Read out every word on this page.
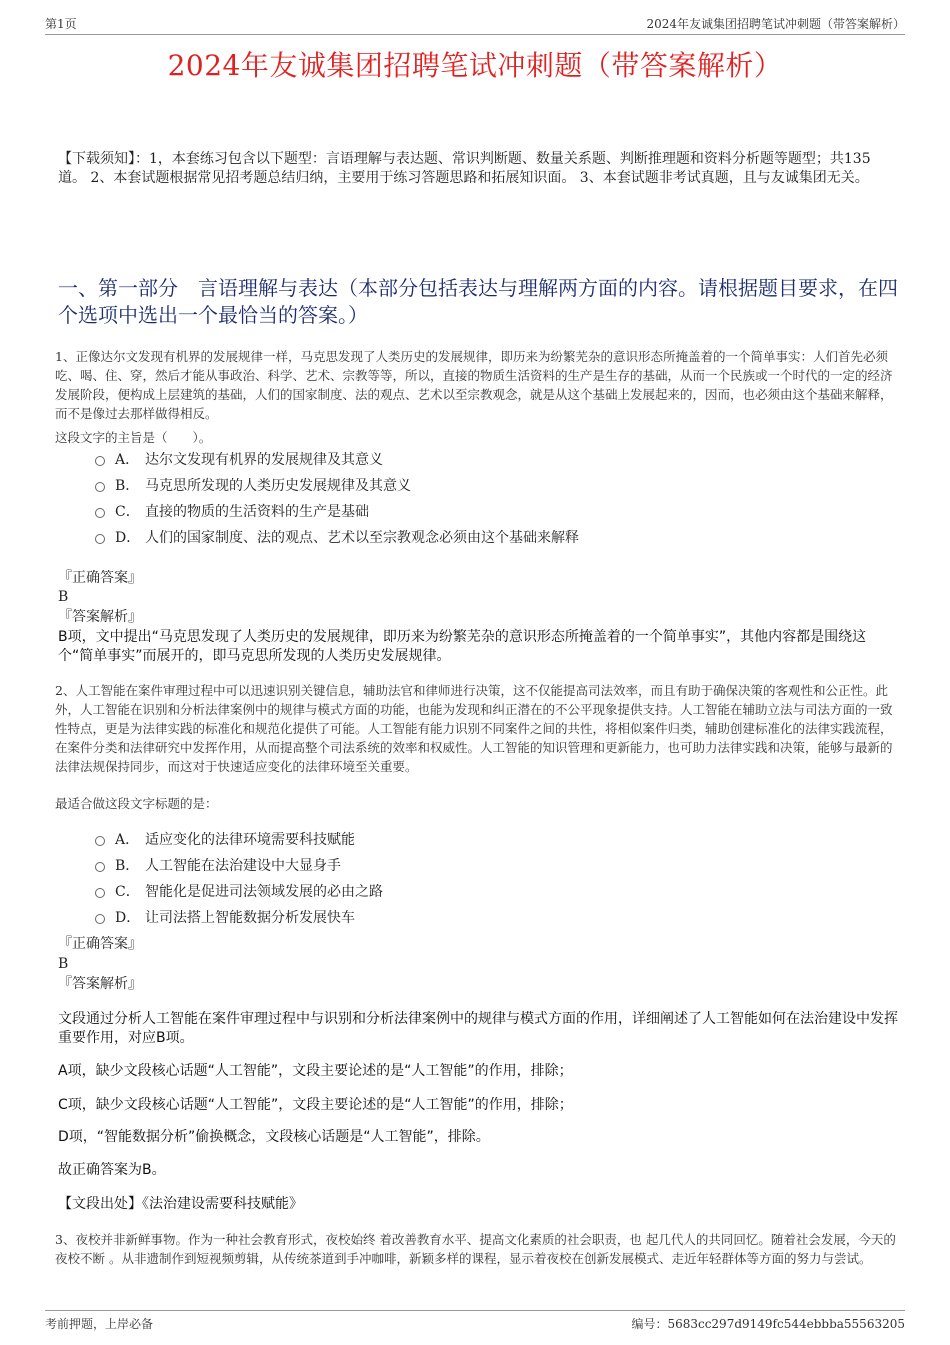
第1页	2024年友诚集团招聘笔试冲刺题（带答案解析）
2024年友诚集团招聘笔试冲刺题（带答案解析）
【下载须知】：1，本套练习包含以下题型：言语理解与表达题、常识判断题、数量关系题、判断推理题和资料分析题等题型；共135道。 2、本套试题根据常见招考题总结归纳，主要用于练习答题思路和拓展知识面。 3、本套试题非考试真题，且与友诚集团无关。
一、第一部分　言语理解与表达（本部分包括表达与理解两方面的内容。请根据题目要求，在四个选项中选出一个最恰当的答案。）
1、正像达尔文发现有机界的发展规律一样，马克思发现了人类历史的发展规律，即历来为纷繁芜杂的意识形态所掩盖着的一个简单事实：人们首先必须吃、喝、住、穿，然后才能从事政治、科学、艺术、宗教等等，所以，直接的物质生活资料的生产是生存的基础，从而一个民族或一个时代的一定的经济发展阶段，便构成上层建筑的基础，人们的国家制度、法的观点、艺术以至宗教观念，就是从这个基础上发展起来的，因而，也必须由这个基础来解释，而不是像过去那样做得相反。
这段文字的主旨是（　　）。
A． 达尔文发现有机界的发展规律及其意义
B． 马克思所发现的人类历史发展规律及其意义
C． 直接的物质的生活资料的生产是基础
D． 人们的国家制度、法的观点、艺术以至宗教观念必须由这个基础来解释
『正确答案』
B
『答案解析』
B项，文中提出“马克思发现了人类历史的发展规律，即历来为纷繁芜杂的意识形态所掩盖着的一个简单事实”，其他内容都是围绕这个“简单事实”而展开的，即马克思所发现的人类历史发展规律。
2、人工智能在案件审理过程中可以迅速识别关键信息，辅助法官和律师进行决策，这不仅能提高司法效率，而且有助于确保决策的客观性和公正性。此外，人工智能在识别和分析法律案例中的规律与模式方面的功能，也能为发现和纠正潜在的不公平现象提供支持。人工智能在辅助立法与司法方面的一致性特点，更是为法律实践的标准化和规范化提供了可能。人工智能有能力识别不同案件之间的共性，将相似案件归类，辅助创建标准化的法律实践流程，在案件分类和法律研究中发挥作用，从而提高整个司法系统的效率和权威性。人工智能的知识管理和更新能力，也可助力法律实践和决策，能够与最新的法律法规保持同步，而这对于快速适应变化的法律环境至关重要。
最适合做这段文字标题的是：
A． 适应变化的法律环境需要科技赋能
B． 人工智能在法治建设中大显身手
C． 智能化是促进司法领域发展的必由之路
D． 让司法搭上智能数据分析发展快车
『正确答案』
B
『答案解析』
文段通过分析人工智能在案件审理过程中与识别和分析法律案例中的规律与模式方面的作用，详细阐述了人工智能如何在法治建设中发挥重要作用，对应B项。
A项，缺少文段核心话题“人工智能”，文段主要论述的是“人工智能”的作用，排除；
C项，缺少文段核心话题“人工智能”，文段主要论述的是“人工智能”的作用，排除；
D项，“智能数据分析”偷换概念，文段核心话题是“人工智能”，排除。
故正确答案为B。
【文段出处】《法治建设需要科技赋能》
3、夜校并非新鲜事物。作为一种社会教育形式，夜校始终 着改善教育水平、提高文化素质的社会职责，也 起几代人的共同回忆。随着社会发展，今天的夜校不断 。从非遗制作到短视频剪辑，从传统茶道到手冲咖啡，新颖多样的课程，显示着夜校在创新发展模式、走近年轻群体等方面的努力与尝试。
考前押题，上岸必备	编号：5683cc297d9149fc544ebbba55563205
